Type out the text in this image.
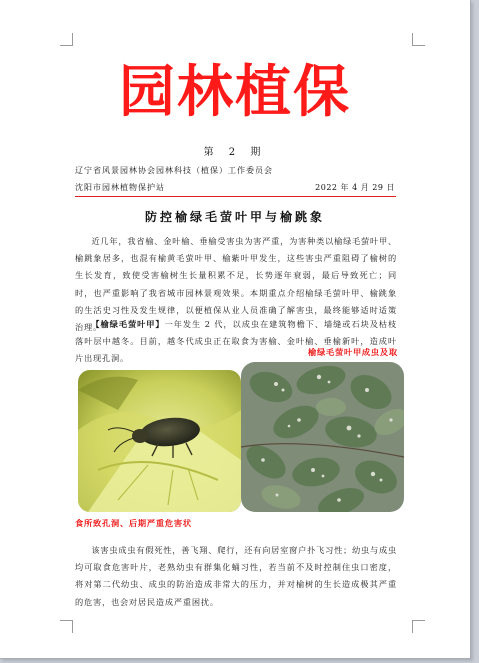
园林植保
第 2 期
辽宁省风景园林协会园林科技（植保）工作委员会
沈阳市园林植物保护站	2022 年 4 月 29 日
防控榆绿毛萤叶甲与榆跳象
近几年，我省榆、金叶榆、垂榆受害虫为害严重，为害种类以榆绿毛萤叶甲、榆跳象居多，也混有榆黄毛萤叶甲、榆紫叶甲发生，这些害虫严重阻碍了榆树的生长发育，致使受害榆树生长量积累不足，长势逐年衰弱，最后导致死亡；同时，也严重影响了我省城市园林景观效果。本期重点介绍榆绿毛萤叶甲、榆跳象的生活史习性及发生规律，以便植保从业人员准确了解害虫，最终能够适时适策治理。
【榆绿毛萤叶甲】一年发生 2 代，以成虫在建筑物檐下、墙缝或石块及枯枝落叶层中越冬。目前，越冬代成虫正在取食为害榆、金叶榆、垂榆新叶，造成叶片出现孔洞。
榆绿毛萤叶甲成虫及取
食所致孔洞、后期严重危害状
该害虫成虫有假死性，善飞翔、爬行，还有向居室窗户扑飞习性；幼虫与成虫均可取食危害叶片，老熟幼虫有群集化蛹习性，若当前不及时控制住虫口密度，将对第二代幼虫、成虫的防治造成非常大的压力，并对榆树的生长造成极其严重的危害，也会对居民造成严重困扰。
